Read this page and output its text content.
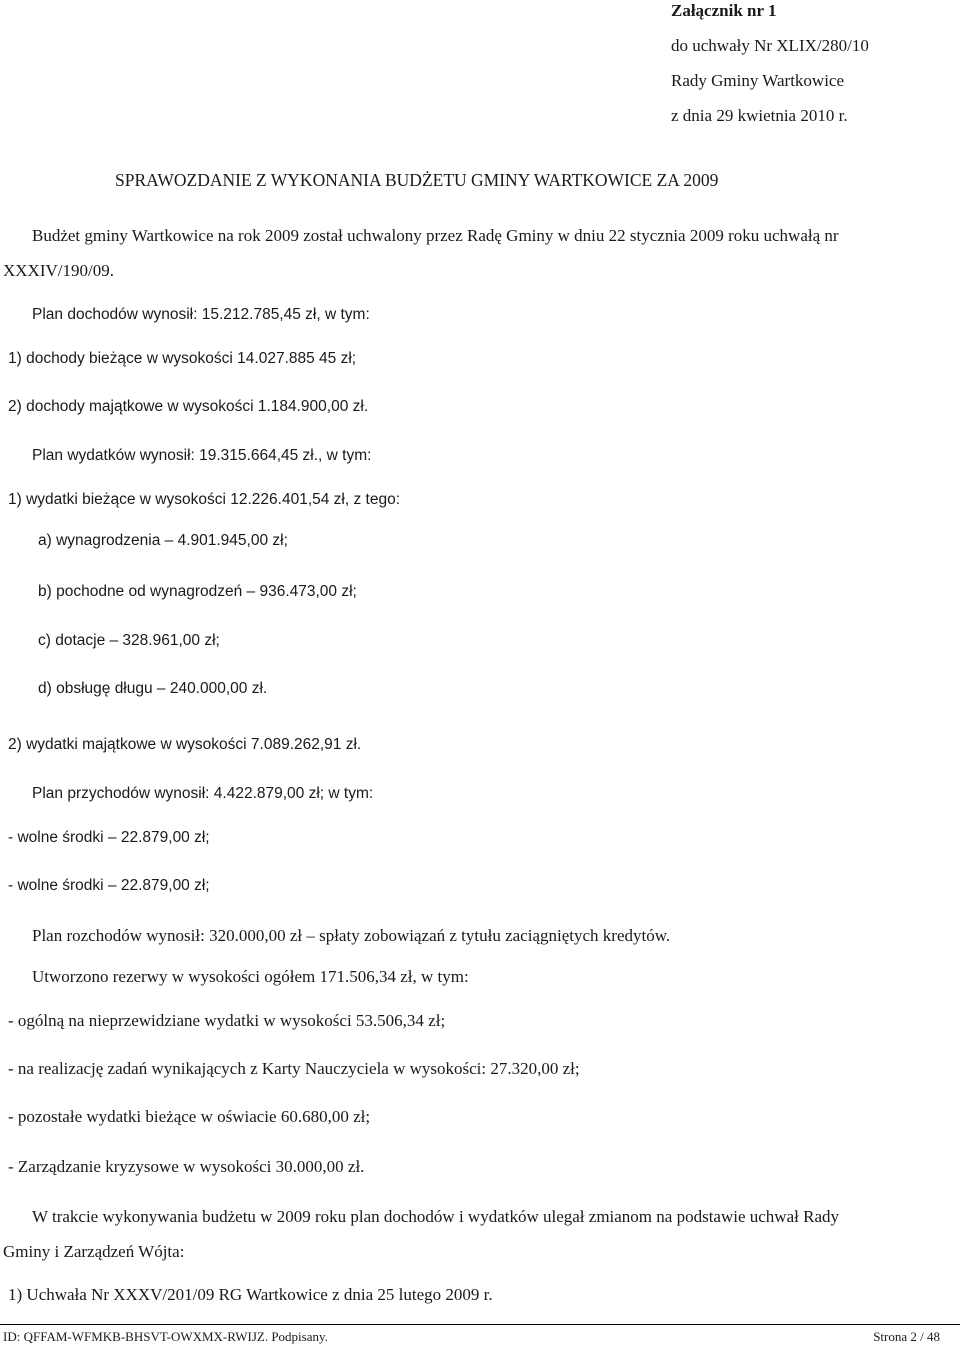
Załącznik nr 1
do uchwały Nr XLIX/280/10
Rady Gminy Wartkowice
z dnia 29 kwietnia 2010 r.
SPRAWOZDANIE Z WYKONANIA BUDŻETU GMINY WARTKOWICE ZA 2009
Budżet gminy Wartkowice na rok 2009 został uchwalony przez Radę Gminy w dniu 22 stycznia 2009 roku uchwałą nr
XXXIV/190/09.
Plan dochodów wynosił: 15.212.785,45 zł, w tym:
1) dochody bieżące w wysokości 14.027.885 45 zł;
2) dochody majątkowe w wysokości 1.184.900,00 zł.
Plan wydatków wynosił: 19.315.664,45 zł., w tym:
1) wydatki bieżące w wysokości 12.226.401,54 zł, z tego:
a) wynagrodzenia – 4.901.945,00 zł;
b) pochodne od wynagrodzeń – 936.473,00 zł;
c) dotacje – 328.961,00 zł;
d) obsługę długu – 240.000,00 zł.
2) wydatki majątkowe w wysokości 7.089.262,91 zł.
Plan przychodów wynosił: 4.422.879,00 zł; w tym:
- wolne środki – 22.879,00 zł;
- wolne środki – 22.879,00 zł;
Plan rozchodów wynosił: 320.000,00 zł – spłaty zobowiązań z tytułu zaciągniętych kredytów.
Utworzono rezerwy w wysokości ogółem 171.506,34 zł, w tym:
- ogólną na nieprzewidziane wydatki w wysokości 53.506,34 zł;
- na realizację zadań wynikających z Karty Nauczyciela w wysokości: 27.320,00 zł;
- pozostałe wydatki bieżące w oświacie 60.680,00 zł;
- Zarządzanie kryzysowe w wysokości 30.000,00 zł.
W trakcie wykonywania budżetu w 2009 roku plan dochodów i wydatków ulegał zmianom na podstawie uchwał Rady
Gminy i Zarządzeń Wójta:
1) Uchwała Nr XXXV/201/09 RG Wartkowice z dnia 25 lutego 2009 r.
ID: QFFAM-WFMKB-BHSVT-OWXMX-RWIJZ. Podpisany.	Strona 2 / 48
